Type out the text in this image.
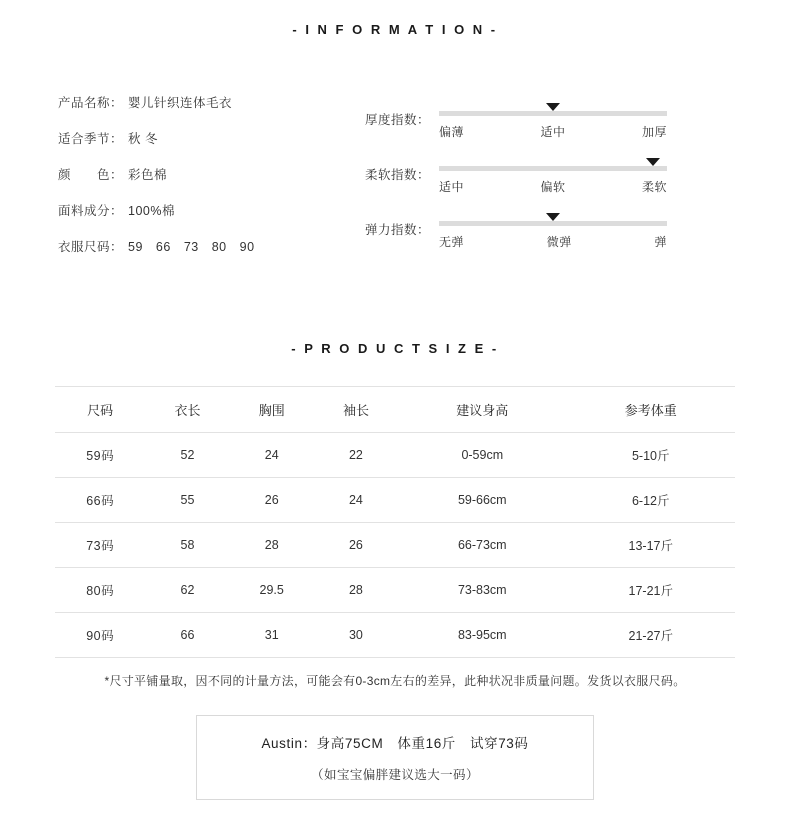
- I N F O R M A T I O N -
产品名称： 婴儿针织连体毛衣
适合季节： 秋 冬
颜　　色： 彩色棉
面料成分： 100%棉
衣服尺码： 59　66　73　80　90
厚度指数：
偏薄	适中	加厚
柔软指数：
适中	偏软	柔软
弹力指数：
无弹	微弹	弹
- P R O D U C T S I Z E -
尺码	衣长	胸围	袖长	建议身高	参考体重
59码	52	24	22	0-59cm	5-10斤
66码	55	26	24	59-66cm	6-12斤
73码	58	28	26	66-73cm	13-17斤
80码	62	29.5	28	73-83cm	17-21斤
90码	66	31	30	83-95cm	21-27斤
*尺寸平铺量取，因不同的计量方法，可能会有0-3cm左右的差异，此种状况非质量问题。发货以衣服尺码。
Austin：身高75CM　体重16斤　试穿73码
（如宝宝偏胖建议选大一码）
